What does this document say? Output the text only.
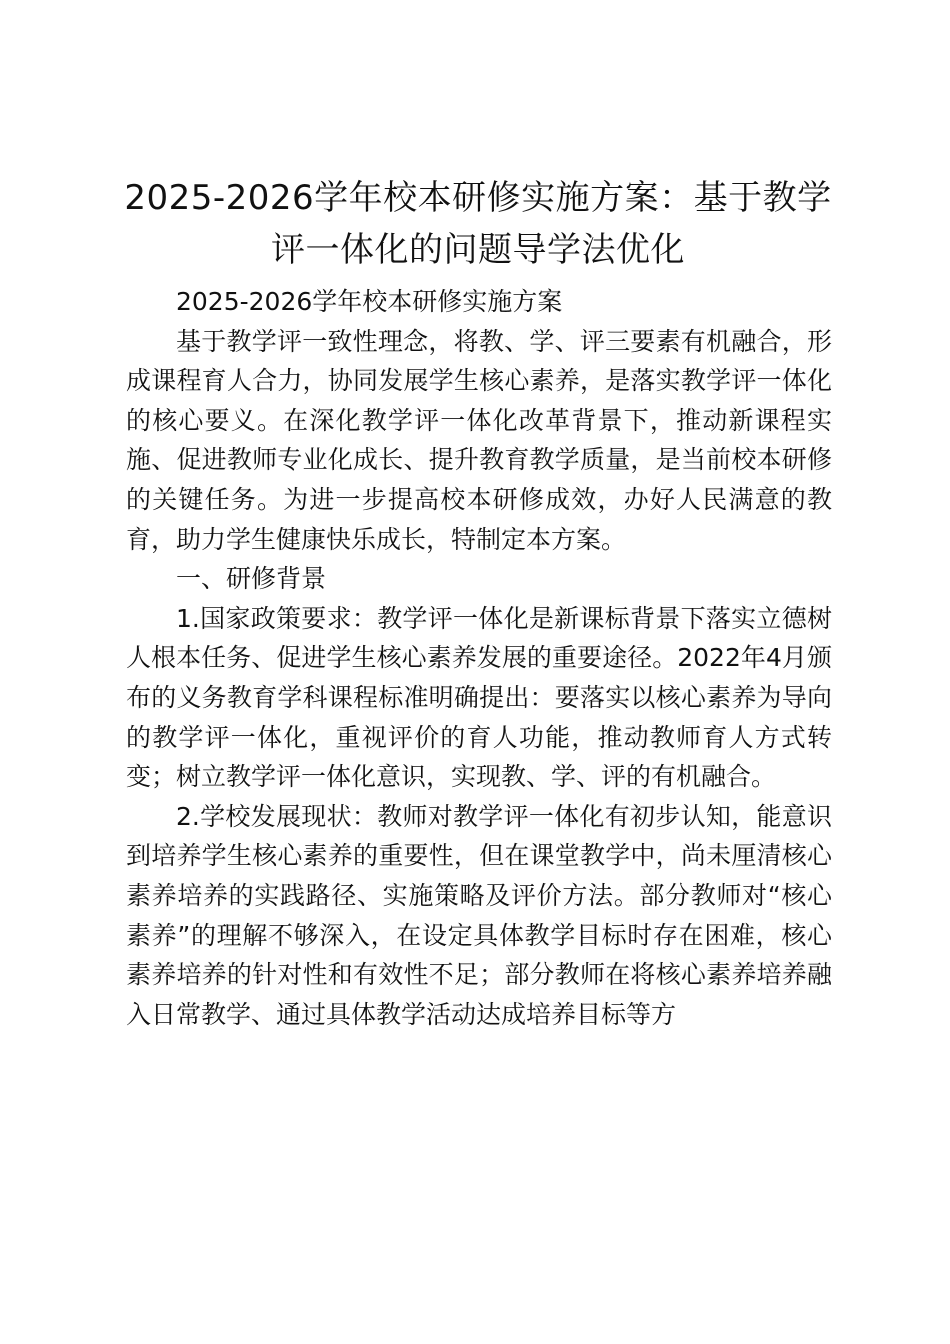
2025-2026学年校本研修实施方案：基于教学评一体化的问题导学法优化

2025-2026学年校本研修实施方案

基于教学评一致性理念，将教、学、评三要素有机融合，形成课程育人合力，协同发展学生核心素养，是落实教学评一体化的核心要义。在深化教学评一体化改革背景下，推动新课程实施、促进教师专业化成长、提升教育教学质量，是当前校本研修的关键任务。为进一步提高校本研修成效，办好人民满意的教育，助力学生健康快乐成长，特制定本方案。

一、研修背景

1.国家政策要求：教学评一体化是新课标背景下落实立德树人根本任务、促进学生核心素养发展的重要途径。2022年4月颁布的义务教育学科课程标准明确提出：要落实以核心素养为导向的教学评一体化，重视评价的育人功能，推动教师育人方式转变；树立教学评一体化意识，实现教、学、评的有机融合。

2.学校发展现状：教师对教学评一体化有初步认知，能意识到培养学生核心素养的重要性，但在课堂教学中，尚未厘清核心素养培养的实践路径、实施策略及评价方法。部分教师对“核心素养”的理解不够深入，在设定具体教学目标时存在困难，核心素养培养的针对性和有效性不足；部分教师在将核心素养培养融入日常教学、通过具体教学活动达成培养目标等方
